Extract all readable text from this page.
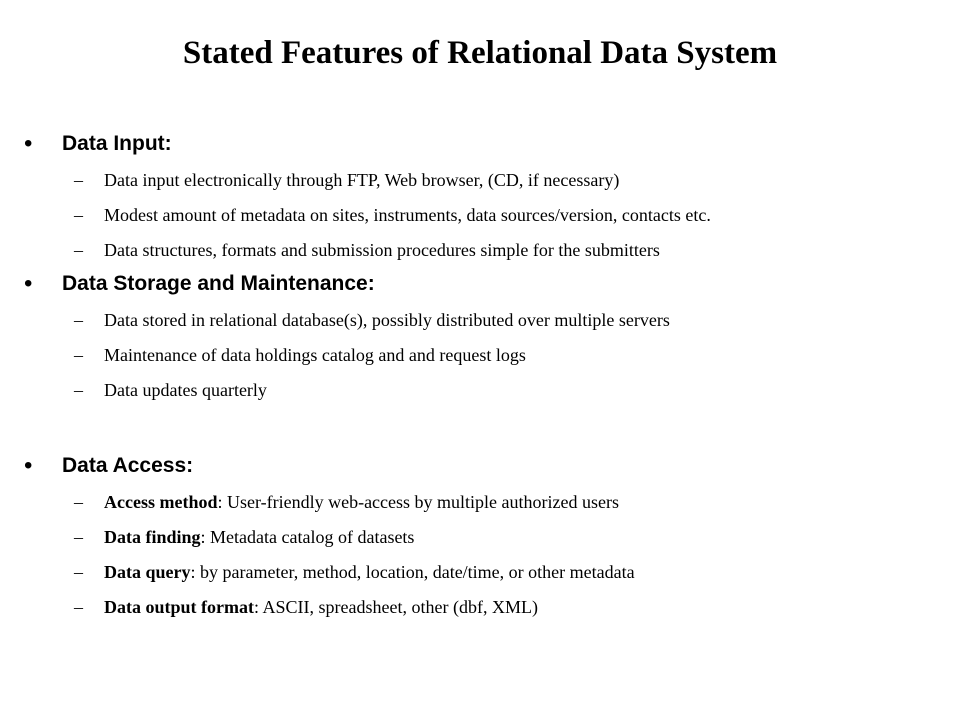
Stated Features of Relational Data System
• Data Input:
– Data input electronically through FTP, Web browser, (CD, if necessary)
– Modest amount of metadata on sites, instruments, data sources/version, contacts etc.
– Data structures, formats and submission procedures simple for the submitters
• Data Storage and Maintenance:
– Data stored in relational database(s), possibly distributed over multiple servers
– Maintenance of data holdings catalog and and request logs
– Data updates quarterly
• Data Access:
– Access method: User-friendly web-access by multiple authorized users
– Data finding: Metadata catalog of datasets
– Data query: by parameter, method, location, date/time, or other metadata
– Data output format: ASCII, spreadsheet, other (dbf, XML)
